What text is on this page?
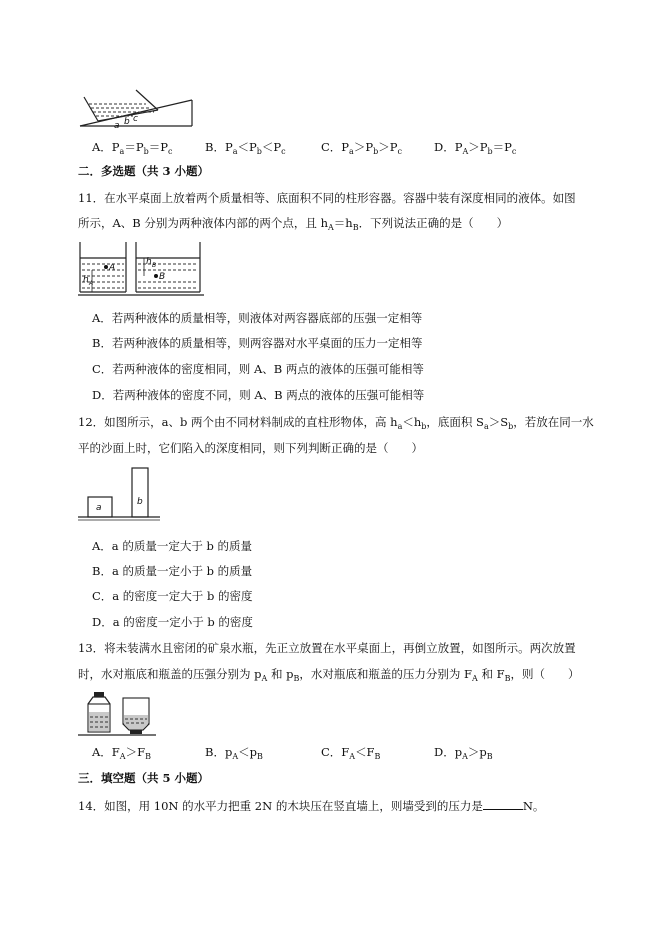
a b c
A．$P_a=P_b=P_c$	B．$P_a<P_b<P_c$	C．$P_a>P_b>P_c$	D．$P_A>P_b=P_c$
二．多选题（共 3 小题）
11．在水平桌面上放着两个质量相等、底面积不同的柱形容器。容器中装有深度相同的液体。如图
所示，A、B 分别为两种液体内部的两个点，且 $h_A=h_B$．下列说法正确的是（　　）
A
h A
B
h B
A．若两种液体的质量相等，则液体对两容器底部的压强一定相等
B．若两种液体的质量相等，则两容器对水平桌面的压力一定相等
C．若两种液体的密度相同，则 A、B 两点的液体的压强可能相等
D．若两种液体的密度不同，则 A、B 两点的液体的压强可能相等
12．如图所示，a、b 两个由不同材料制成的直柱形物体，高 $h_a<h_b$，底面积 $S_a>S_b$，若放在同一水
平的沙面上时，它们陷入的深度相同，则下列判断正确的是（　　）
a
b
A．a 的质量一定大于 b 的质量
B．a 的质量一定小于 b 的质量
C．a 的密度一定大于 b 的密度
D．a 的密度一定小于 b 的密度
13．将未装满水且密闭的矿泉水瓶，先正立放置在水平桌面上，再倒立放置，如图所示。两次放置
时，水对瓶底和瓶盖的压强分别为 $p_A$ 和 $p_B$，水对瓶底和瓶盖的压力分别为 $F_A$ 和 $F_B$，则（　　）
A．$F_A>F_B$	B．$p_A<p_B$	C．$F_A<F_B$	D．$p_A>p_B$
三．填空题（共 5 小题）
14．如图，用 10N 的水平力把重 2N 的木块压在竖直墙上，则墙受到的压力是	N。
